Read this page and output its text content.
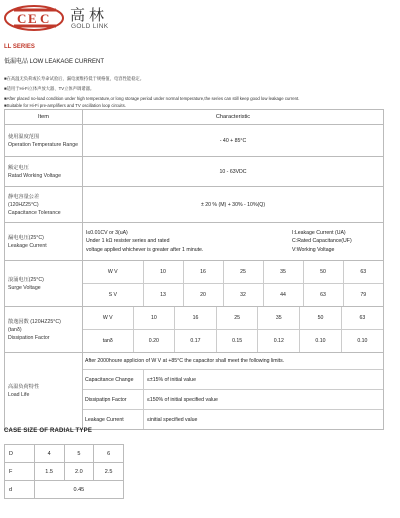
C E C 高林
GOLD LINK
LL SERIES
低漏电品 LOW LEAKAGE CURRENT
■在高温无负荷或长寿命试验后，漏电流维持低于规格值，电容性能稳定。
■适用于Hi-Fi立体声放大器、TV立体声调谐器。
■After placed no-load condition under high temperature,or long storage period under normal temperature,the series can still keep good low leakage current.
■Suitable for Hi-Fi pre-amplifiers and TV oscillation loop circuits.
Item	Characteristic

使用温度范围
Operation Temperature Range
	- 40 + 85°C

额定电压
Ratad Working Voltage
	10 - 63VDC

静电容量公差
(120HZ25°C)
Capacitance Tolerance
	± 20 % (M) + 30% - 10%(Q)

漏电电压(25°C)
Leakage Current

I≤0.01CV or 3(uA)
Under 1 kΩ resister series and rated
voltage applied whichever is greater after 1 minute.
I:Leakage Current (UA)
C:Rated Capacitance(UF)
V:Working Voltage

浪涌电压(25°C)
Surge Voltage

W V	10	16	25	35	50	63
S V	13	20	32	44	63	79

散逸因数 (120HZ25°C)
(tanδ)
Dissipation Factor

W V	10	16	25	35	50	63
tanδ	0.20	0.17	0.15	0.12	0.10	0.10

高温负荷特性
Load Life

After 2000houre applicion of W V at +85°C the capacitor shall meet the following limits.
Capacitance Change	≤±15% of initial value
Dissipatipn Factor	≤150% of initial specified value
Leakage Current	≤initial specified value
CASE SIZE OF RADIAL TYPE
D	4	5	6
F	1.5	2.0	2.5
d	0.45		
